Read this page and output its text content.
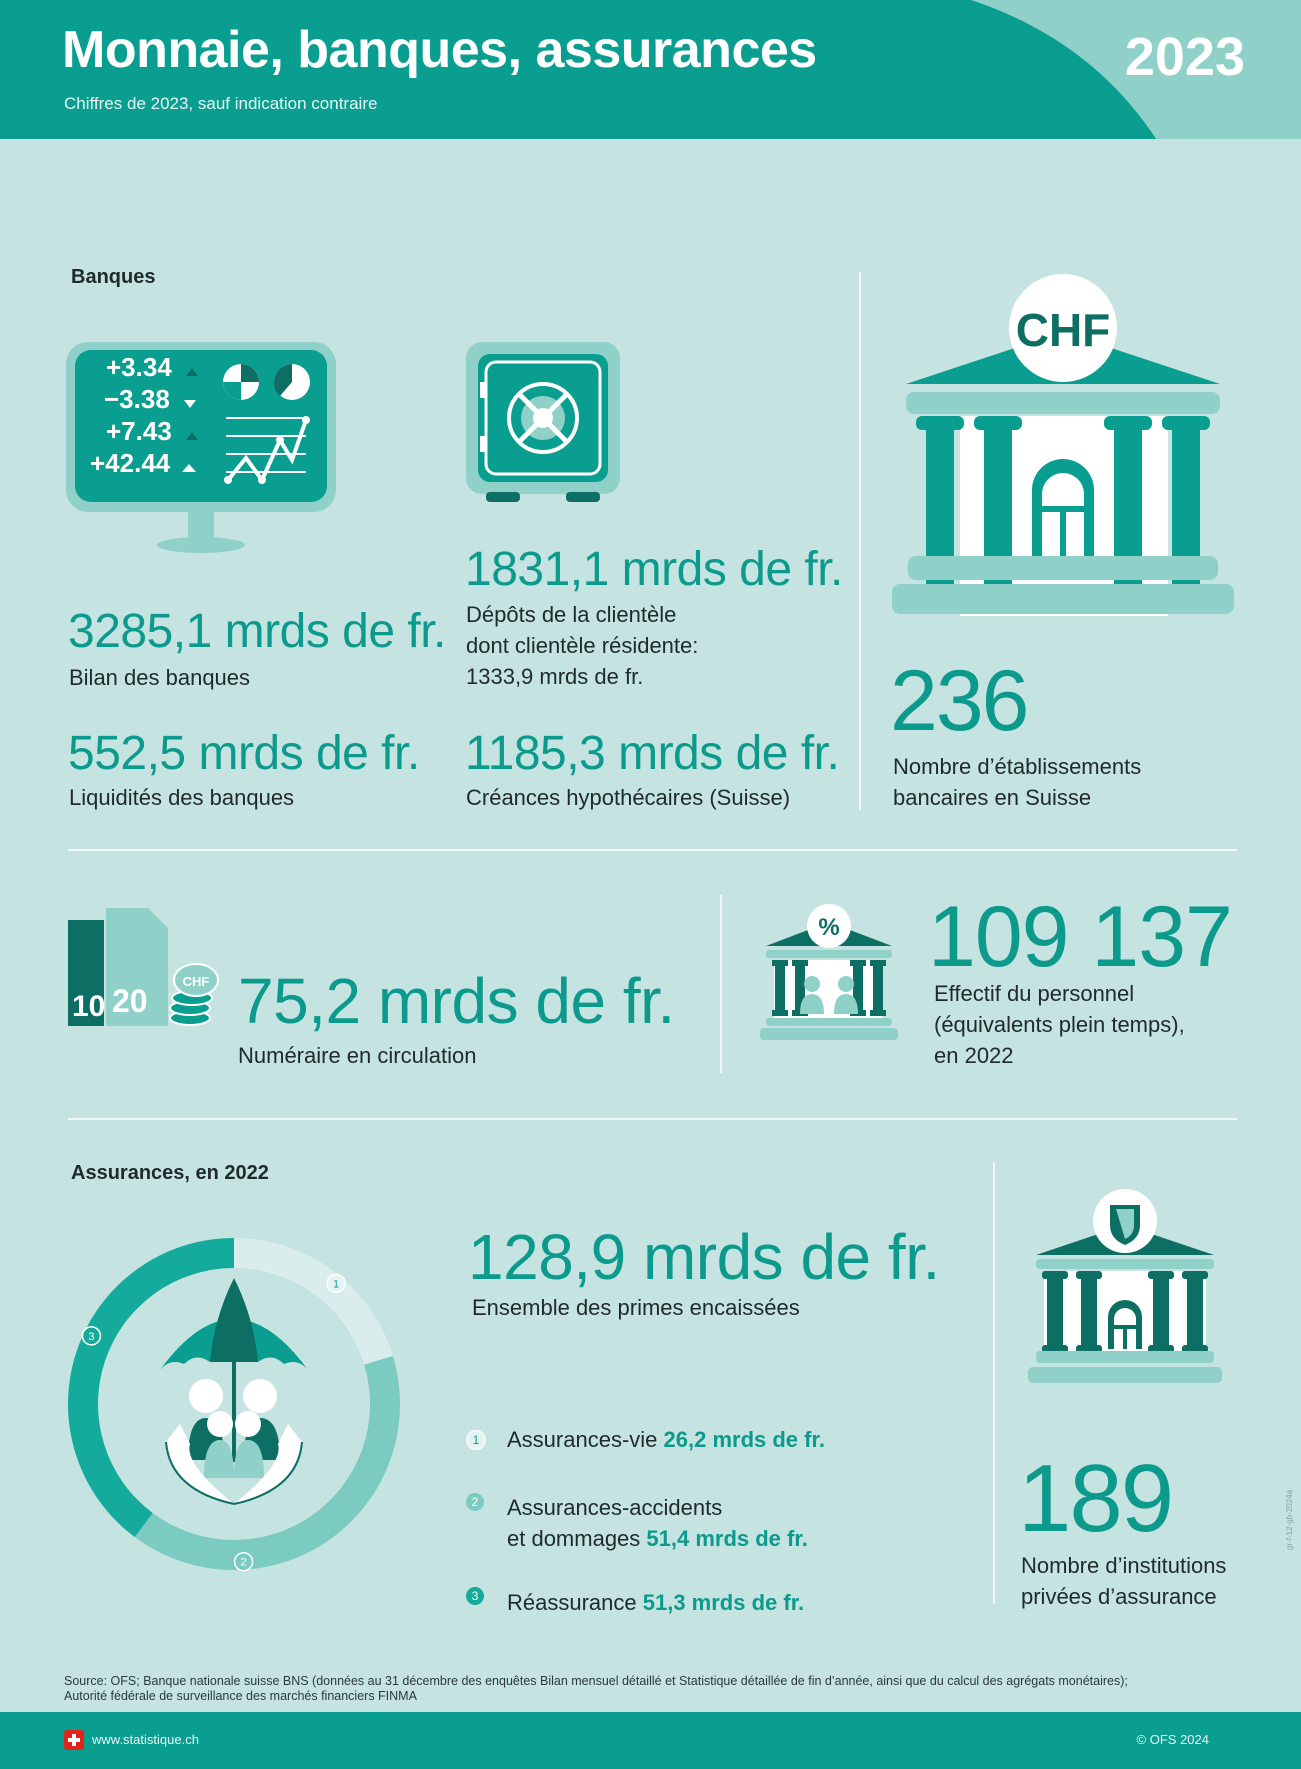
Monnaie, banques, assurances
Chiffres de 2023, sauf indication contraire
2023
Banques
+3.34
−3.38
+7.43
+42.44
3285,1 mrds de fr.
Bilan des banques
552,5 mrds de fr.
Liquidités des banques
1831,1 mrds de fr.
Dépôts de la clientèle
dont clientèle résidente:
1333,9 mrds de fr.
1185,3 mrds de fr.
Créances hypothécaires (Suisse)
CHF
236
Nombre d’établissements
bancaires en Suisse
10 20
CHF 75,2 mrds de fr.
Numéraire en circulation
% 109 137
Effectif du personnel
(équivalents plein temps),
en 2022
Assurances, en 2022
1
2
3
128,9 mrds de fr.
Ensemble des primes encaissées
1	Assurances-vie 26,2 mrds de fr.
2 Assurances-accidents
et dommages 51,4 mrds de fr.
3 Réassurance 51,3 mrds de fr.
189
Nombre d’institutions
privées d’assurance
Source: OFS; Banque nationale suisse BNS (données au 31 décembre des enquêtes Bilan mensuel détaillé et Statistique détaillée de fin d’année, ainsi que du calcul des agrégats monétaires);
Autorité fédérale de surveillance des marchés financiers FINMA
gr-f-12-gb-2024a
www.statistique.ch	© OFS 2024
